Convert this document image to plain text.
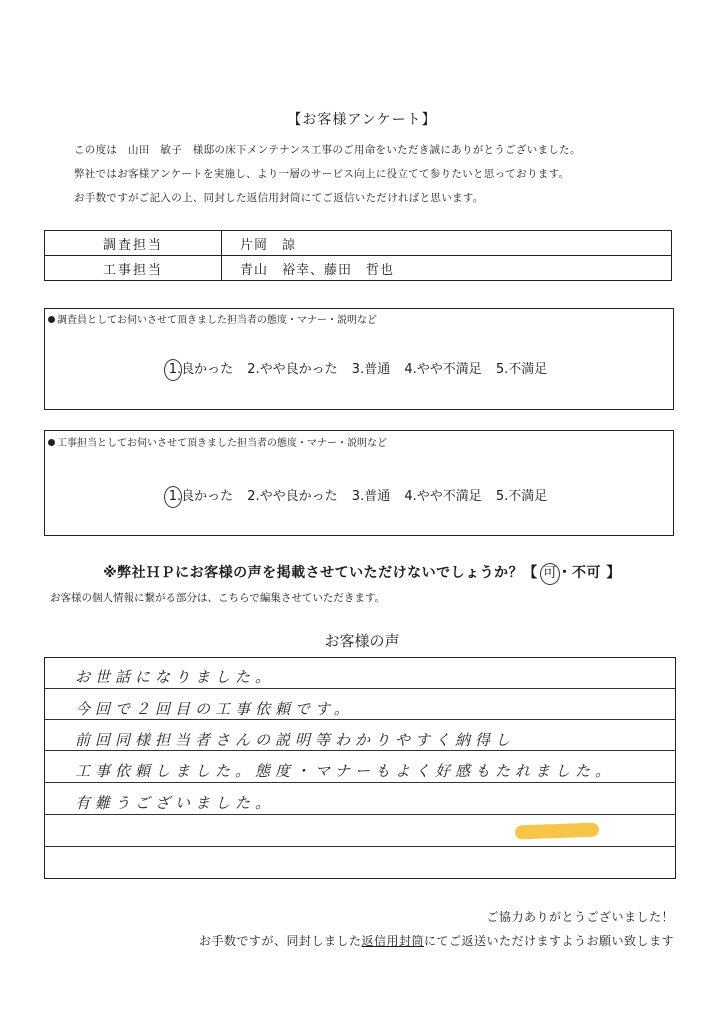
【お客様アンケート】
この度は　山田　敏子　様邸の床下メンテナンス工事のご用命をいただき誠にありがとうございました。
弊社ではお客様アンケートを実施し、より一層のサービス向上に役立てて参りたいと思っております。
お手数ですがご記入の上、同封した返信用封筒にてご返信いただければと思います。
調査担当	片岡　諒
工事担当	青山　裕幸、藤田　哲也
調査員としてお伺いさせて頂きました担当者の態度・マナー・説明など
1.良かった 2.やや良かった 3.普通 4.やや不満足 5.不満足
工事担当としてお伺いさせて頂きました担当者の態度・マナー・説明など
1.良かった 2.やや良かった 3.普通 4.やや不満足 5.不満足
※弊社ＨＰにお客様の声を掲載させていただけないでしょうか？【 可・不可 】
お客様の個人情報に繋がる部分は、こちらで編集させていただきます。
お客様の声
お世話になりました。
今回で２回目の工事依頼です。
前回同様担当者さんの説明等わかりやすく納得し
工事依頼しました。態度・マナーもよく好感もたれました。
有難うございました。
ご協力ありがとうございました！
お手数ですが、同封しました返信用封筒にてご返送いただけますようお願い致します
